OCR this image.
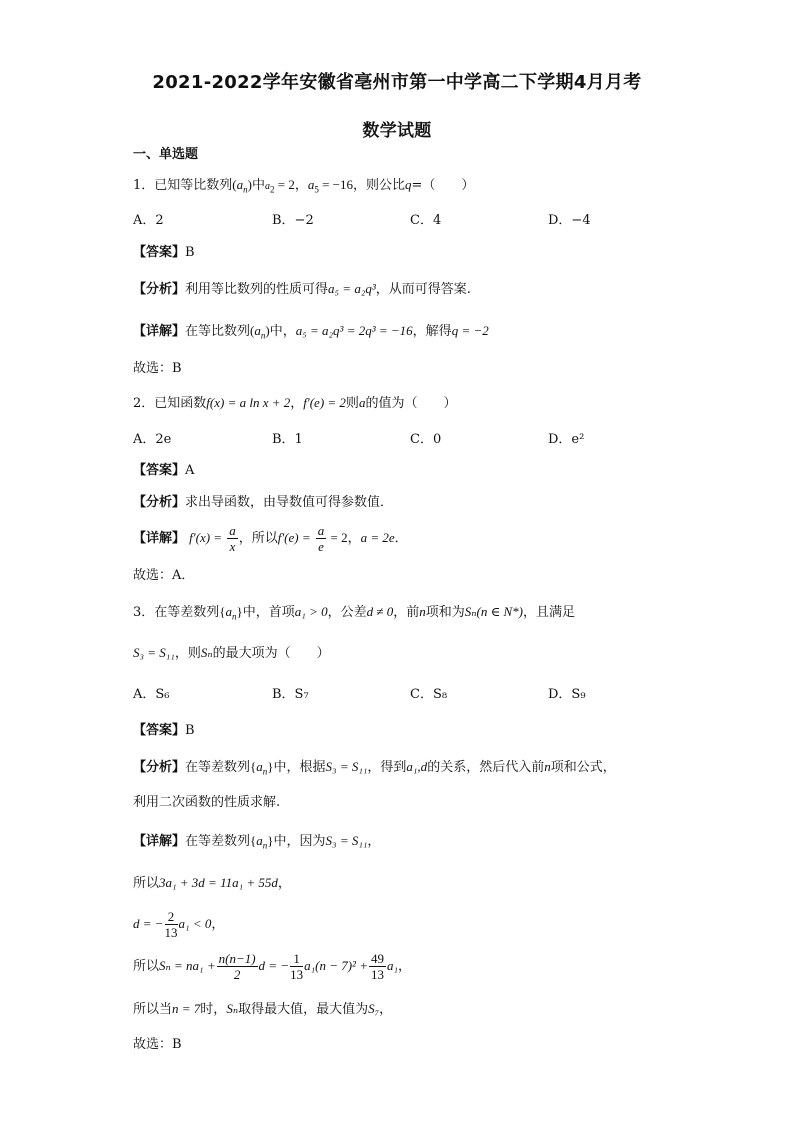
2021-2022学年安徽省亳州市第一中学高二下学期4月月考
数学试题
一、单选题
1．已知等比数列$(a_n)$中$a_2 = 2$，$a_5 = -16$，则公比q=（　　）
A．2	B．−2	C．4	D．−4
【答案】B
【分析】利用等比数列的性质可得a₅ = a₂q³，从而可得答案.
【详解】在等比数列$(a_n)$中，a₅ = a₂q³ = 2q³ = −16，解得q = −2
故选：B
2．已知函数f(x) = a ln x + 2，f′(e) = 2则a的值为（　　）
A．2e	B．1	C．0	D．e²
【答案】A
【分析】求出导函数，由导数值可得参数值．
【详解】 $f'(x) = \frac{a}{x}$ ，所以$f'(e) = \frac{a}{e} = 2$，a = 2e．
故选：A．
3．在等差数列$\{a_n\}$中，首项a₁ > 0，公差d ≠ 0，前n项和为Sₙ(n ∈ N*)，且满足
S₃ = S₁₁，则Sₙ的最大项为（　　）
A．S₆	B．S₇	C．S₈	D．S₉
【答案】B
【分析】在等差数列$\{a_n\}$中，根据S₃ = S₁₁，得到a₁,d的关系，然后代入前n项和公式，
利用二次函数的性质求解.
【详解】在等差数列$\{a_n\}$中，因为S₃ = S₁₁，
所以3a₁ + 3d = 11a₁ + 55d，
d = − $\frac{2}{13} a_1 < 0$，
所以$S_n = na_1 + \frac{n(n-1)}{2}$ d = − $\frac{1}{13} a_1(n - 7)^2 + \frac{49}{13} a_1$，
所以当n = 7时，Sₙ取得最大值，最大值为S₇，
故选：B
